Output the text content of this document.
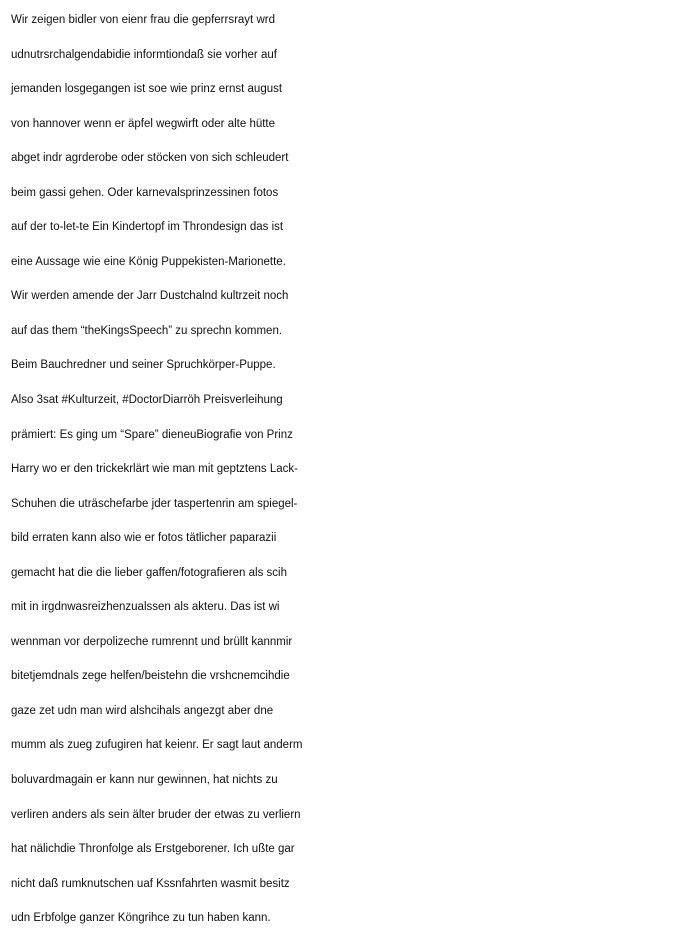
Wir zeigen bidler von eienr frau die gepferrsrayt wrd
udnutrsrchalgendabidie informtiondaß sie vorher auf
jemanden losgegangen ist soe wie prinz ernst august
von hannover wenn er äpfel wegwirft oder alte hütte
abget indr agrderobe oder stöcken von sich schleudert
beim gassi gehen. Oder karnevalsprinzessinen fotos
auf der to-let-te Ein Kindertopf im Throndesign das ist
eine Aussage wie eine König Puppekisten-Marionette.
Wir werden amende der Jarr Dustchalnd kultrzeit noch
auf das them “theKingsSpeech” zu sprechn kommen.
Beim Bauchredner und seiner Spruchkörper-Puppe.
Also 3sat #Kulturzeit, #DoctorDiarröh Preisverleihung
prämiert: Es ging um “Spare” dieneuBiografie von Prinz
Harry wo er den trickekrlärt wie man mit geptztens Lack-
Schuhen die uträschefarbe jder taspertenrin am spiegel-
bild erraten kann also wie er fotos tätlicher paparazii
gemacht hat die die lieber gaffen/fotografieren als scih
mit in irgdnwasreizhenzualssen als akteru. Das ist wi
wennman vor derpolizeche rumrennt und brüllt kannmir
bitetjemdnals zege helfen/beistehn die vrshcnemcihdie
gaze zet udn man wird alshcihals angezgt aber dne
mumm als zueg zufugiren hat keienr. Er sagt laut anderm
boluvardmagain er kann nur gewinnen, hat nichts zu
verliren anders als sein älter bruder der etwas zu verliern
hat nälichdie Thronfolge als Erstgeborener. Ich ußte gar
nicht daß rumknutschen uaf Kssnfahrten wasmit besitz
udn Erbfolge ganzer Köngrihce zu tun haben kann.
